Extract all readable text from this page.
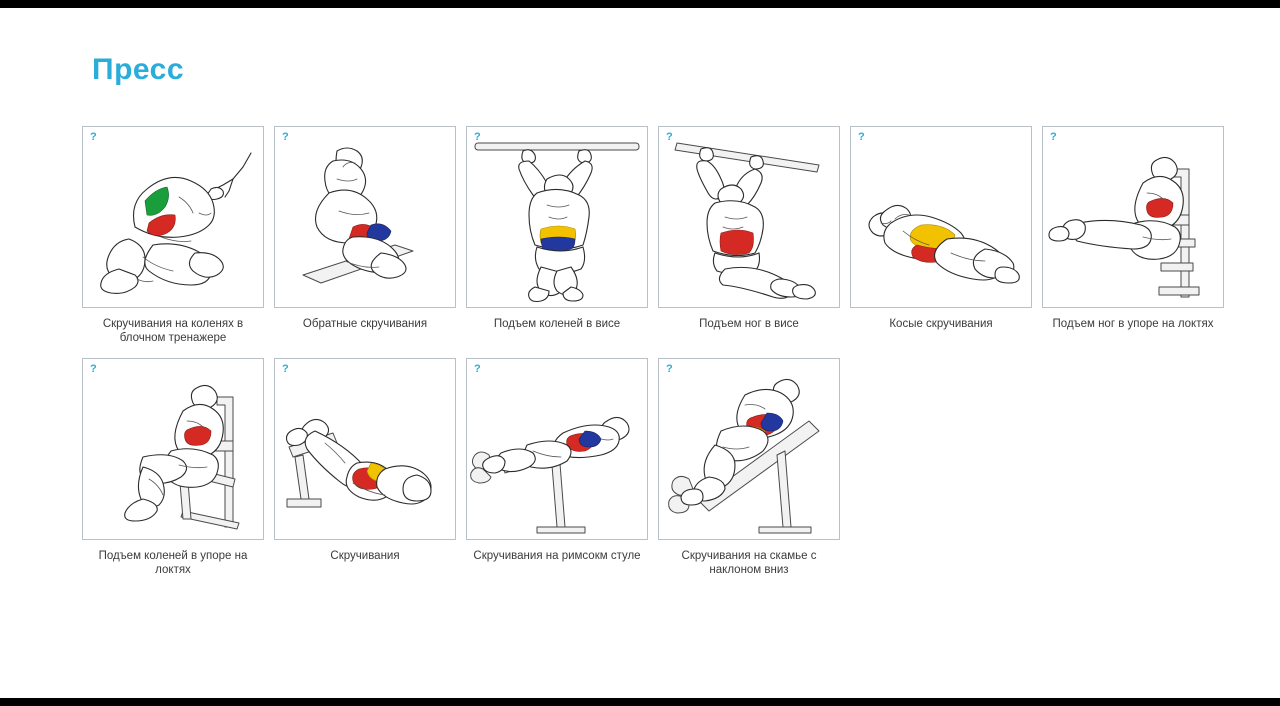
Пресс
?
Скручивания на коленях в блочном тренажере
?
Обратные скручивания
?
Подъем коленей в висе
?
Подъем ног в висе
?
Косые скручивания
?
Подъем ног в упоре на локтях
?
Подъем коленей в упоре на локтях
?
Скручивания
?
Скручивания на римсокм стуле
?
Скручивания на скамье с наклоном вниз
